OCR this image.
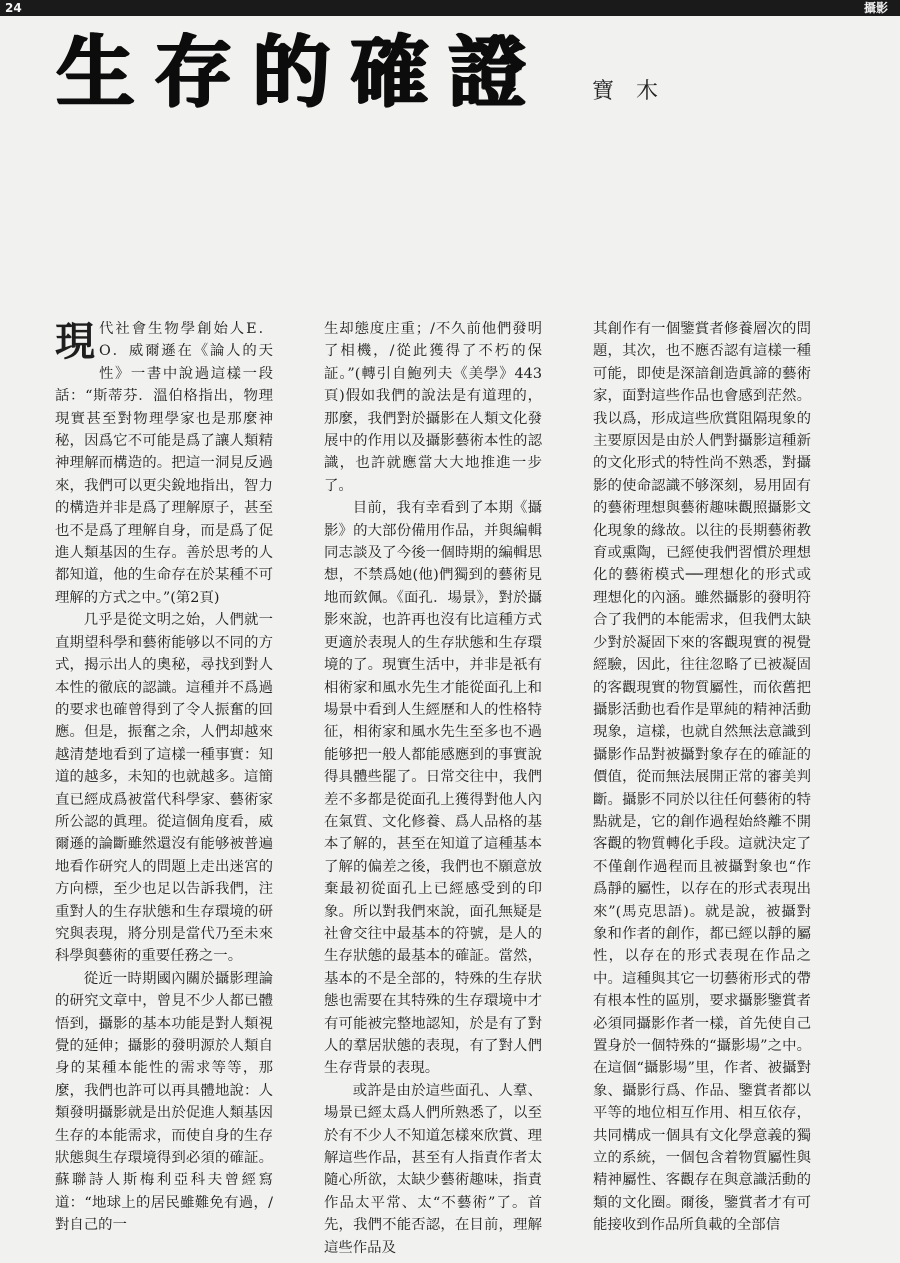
24	攝影
生存的確證 寶木

現代社會生物學創始人E．O．威爾遜在《論人的天性》一書中說過這樣一段話：“斯蒂芬．溫伯格指出，物理現實甚至對物理學家也是那麼神秘，因爲它不可能是爲了讓人類精神理解而構造的。把這一洞見反過來，我們可以更尖銳地指出，智力的構造并非是爲了理解原子，甚至也不是爲了理解自身，而是爲了促進人類基因的生存。善於思考的人都知道，他的生命存在於某種不可理解的方式之中。”(第2頁)

几乎是從文明之始，人們就一直期望科學和藝術能够以不同的方式，揭示出人的奧秘，尋找到對人本性的徹底的認識。這種并不爲過的要求也確曾得到了令人振奮的回應。但是，振奮之余，人們却越來越清楚地看到了這樣一種事實：知道的越多，未知的也就越多。這簡直已經成爲被當代科學家、藝術家所公認的眞理。從這個角度看，威爾遜的論斷雖然還沒有能够被普遍地看作研究人的問題上走出迷宮的方向標，至少也足以告訴我們，注重對人的生存狀態和生存環境的研究與表現，將分別是當代乃至未來科學與藝術的重要任務之一。

從近一時期國內關於攝影理論的研究文章中，曾見不少人都已體悟到，攝影的基本功能是對人類視覺的延伸；攝影的發明源於人類自身的某種本能性的需求等等，那麼，我們也許可以再具體地說：人類發明攝影就是出於促進人類基因生存的本能需求，而使自身的生存狀態與生存環境得到必須的確証。蘇聯詩人斯梅利亞科夫曾經寫道：“地球上的居民雖難免有過，/對自己的一

生却態度庄重；/不久前他們發明了相機，/從此獲得了不朽的保証。”(轉引自鮑列夫《美學》443頁)假如我們的說法是有道理的，那麼，我們對於攝影在人類文化發展中的作用以及攝影藝術本性的認識，也許就應當大大地推進一步了。

目前，我有幸看到了本期《攝影》的大部份備用作品，并與編輯同志談及了今後一個時期的編輯思想，不禁爲她(他)們獨到的藝術見地而欽佩。《面孔．場景》，對於攝影來說，也許再也沒有比這種方式更適於表現人的生存狀態和生存環境的了。現實生活中，并非是祇有相術家和風水先生才能從面孔上和場景中看到人生經歷和人的性格特征，相術家和風水先生至多也不過能够把一般人都能感應到的事實說得具體些罷了。日常交往中，我們差不多都是從面孔上獲得對他人內在氣質、文化修養、爲人品格的基本了解的，甚至在知道了這種基本了解的偏差之後，我們也不願意放棄最初從面孔上已經感受到的印象。所以對我們來說，面孔無疑是社會交往中最基本的符號，是人的生存狀態的最基本的確証。當然，基本的不是全部的，特殊的生存狀態也需要在其特殊的生存環境中才有可能被完整地認知，於是有了對人的羣居狀態的表現，有了對人們生存背景的表現。

或許是由於這些面孔、人羣、場景已經太爲人們所熟悉了，以至於有不少人不知道怎樣來欣賞、理解這些作品，甚至有人指責作者太隨心所欲，太缺少藝術趣味，指責作品太平常、太“不藝術”了。首先，我們不能否認，在目前，理解這些作品及

其創作有一個鑒賞者修養層次的問題，其次，也不應否認有這樣一種可能，即使是深諳創造眞諦的藝術家，面對這些作品也會感到茫然。我以爲，形成這些欣賞阻隔現象的主要原因是由於人們對攝影這種新的文化形式的特性尚不熟悉，對攝影的使命認識不够深刻，易用固有的藝術理想與藝術趣味觀照攝影文化現象的緣故。以往的長期藝術教育或熏陶，已經使我們習慣於理想化的藝術模式──理想化的形式或理想化的內涵。雖然攝影的發明符合了我們的本能需求，但我們太缺少對於凝固下來的客觀現實的視覺經驗，因此，往往忽略了已被凝固的客觀現實的物質屬性，而依舊把攝影活動也看作是單純的精神活動現象，這樣，也就自然無法意識到攝影作品對被攝對象存在的確証的價值，從而無法展開正常的審美判斷。攝影不同於以往任何藝術的特點就是，它的創作過程始終離不開客觀的物質轉化手段。這就決定了不僅創作過程而且被攝對象也“作爲靜的屬性，以存在的形式表現出來”(馬克思語)。就是說，被攝對象和作者的創作，都已經以靜的屬性，以存在的形式表現在作品之中。這種與其它一切藝術形式的帶有根本性的區別，要求攝影鑒賞者必須同攝影作者一樣，首先使自己置身於一個特殊的“攝影場”之中。在這個“攝影場”里，作者、被攝對象、攝影行爲、作品、鑒賞者都以平等的地位相互作用、相互依存，共同構成一個具有文化學意義的獨立的系統，一個包含着物質屬性與精神屬性、客觀存在與意識活動的類的文化圈。爾後，鑒賞者才有可能接收到作品所負載的全部信
